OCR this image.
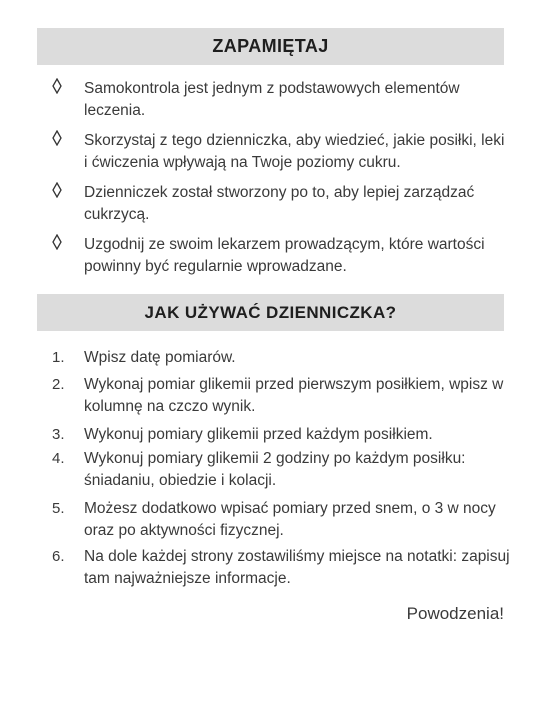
ZAPAMIĘTAJ
Samokontrola jest jednym z podstawowych elementów leczenia.
Skorzystaj z tego dzienniczka, aby wiedzieć, jakie posiłki, leki i ćwiczenia wpływają na Twoje poziomy cukru.
Dzienniczek został stworzony po to, aby lepiej zarządzać cukrzycą.
Uzgodnij ze swoim lekarzem prowadzącym, które wartości powinny być regularnie wprowadzane.
JAK UŻYWAĆ DZIENNICZKA?
1. Wpisz datę pomiarów.
2. Wykonaj pomiar glikemii przed pierwszym posiłkiem, wpisz w kolumnę na czczo wynik.
3. Wykonuj pomiary glikemii przed każdym posiłkiem.
4. Wykonuj pomiary glikemii 2 godziny po każdym posiłku: śniadaniu, obiedzie i kolacji.
5. Możesz dodatkowo wpisać pomiary przed snem, o 3 w nocy oraz po aktywności fizycznej.
6. Na dole każdej strony zostawiliśmy miejsce na notatki: zapisuj tam najważniejsze informacje.
Powodzenia!
